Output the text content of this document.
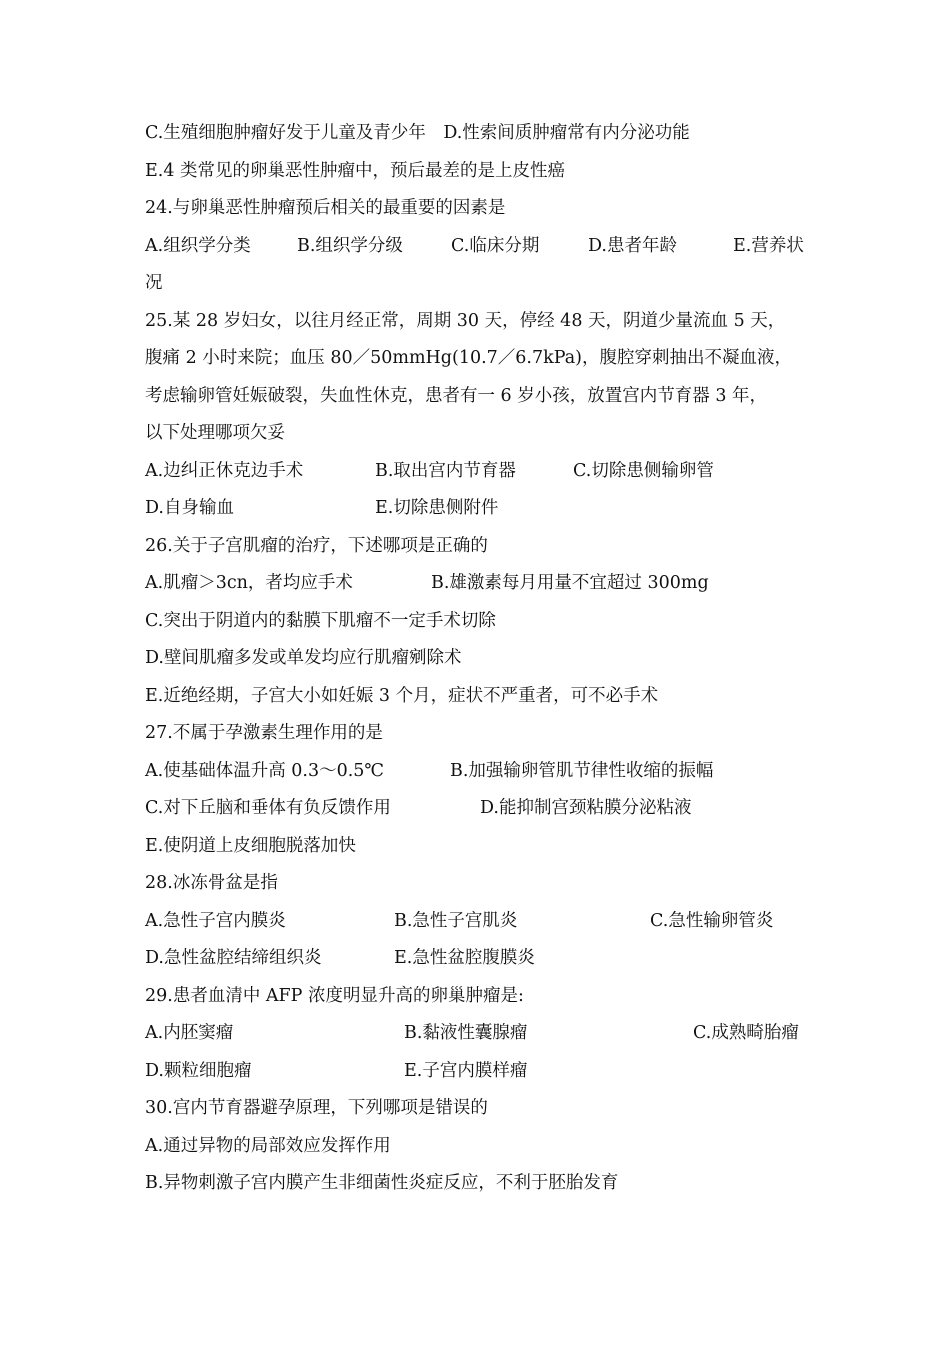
C.生殖细胞肿瘤好发于儿童及青少年　D.性索间质肿瘤常有内分泌功能

E.4 类常见的卵巢恶性肿瘤中，预后最差的是上皮性癌

24.与卵巢恶性肿瘤预后相关的最重要的因素是

A.组织学分类	B.组织学分级	C.临床分期	D.患者年龄	E.营养状

况

25.某 28 岁妇女，以往月经正常，周期 30 天，停经 48 天，阴道少量流血 5 天，

腹痛 2 小时来院；血压 80／50mmHg(10.7／6.7kPa)，腹腔穿刺抽出不凝血液，

考虑输卵管妊娠破裂，失血性休克，患者有一 6 岁小孩，放置宫内节育器 3 年，

以下处理哪项欠妥

A.边纠正休克边手术	B.取出宫内节育器	C.切除患侧输卵管
D.自身输血	E.切除患侧附件

26.关于子宫肌瘤的治疗，下述哪项是正确的

A.肌瘤＞3cn，者均应手术	B.雄激素每月用量不宜超过 300mg

C.突出于阴道内的黏膜下肌瘤不一定手术切除

D.壁间肌瘤多发或单发均应行肌瘤剜除术

E.近绝经期，子宫大小如妊娠 3 个月，症状不严重者，可不必手术

27.不属于孕激素生理作用的是

A.使基础体温升高 0.3～0.5℃	B.加强输卵管肌节律性收缩的振幅
C.对下丘脑和垂体有负反馈作用	D.能抑制宫颈粘膜分泌粘液

E.使阴道上皮细胞脱落加快

28.冰冻骨盆是指

A.急性子宫内膜炎	B.急性子宫肌炎	C.急性输卵管炎
D.急性盆腔结缔组织炎	E.急性盆腔腹膜炎

29.患者血清中 AFP 浓度明显升高的卵巢肿瘤是:

A.内胚窦瘤	B.黏液性囊腺瘤	C.成熟畸胎瘤
D.颗粒细胞瘤	E.子宫内膜样瘤

30.宫内节育器避孕原理，下列哪项是错误的

A.通过异物的局部效应发挥作用

B.异物刺激子宫内膜产生非细菌性炎症反应，不利于胚胎发育
